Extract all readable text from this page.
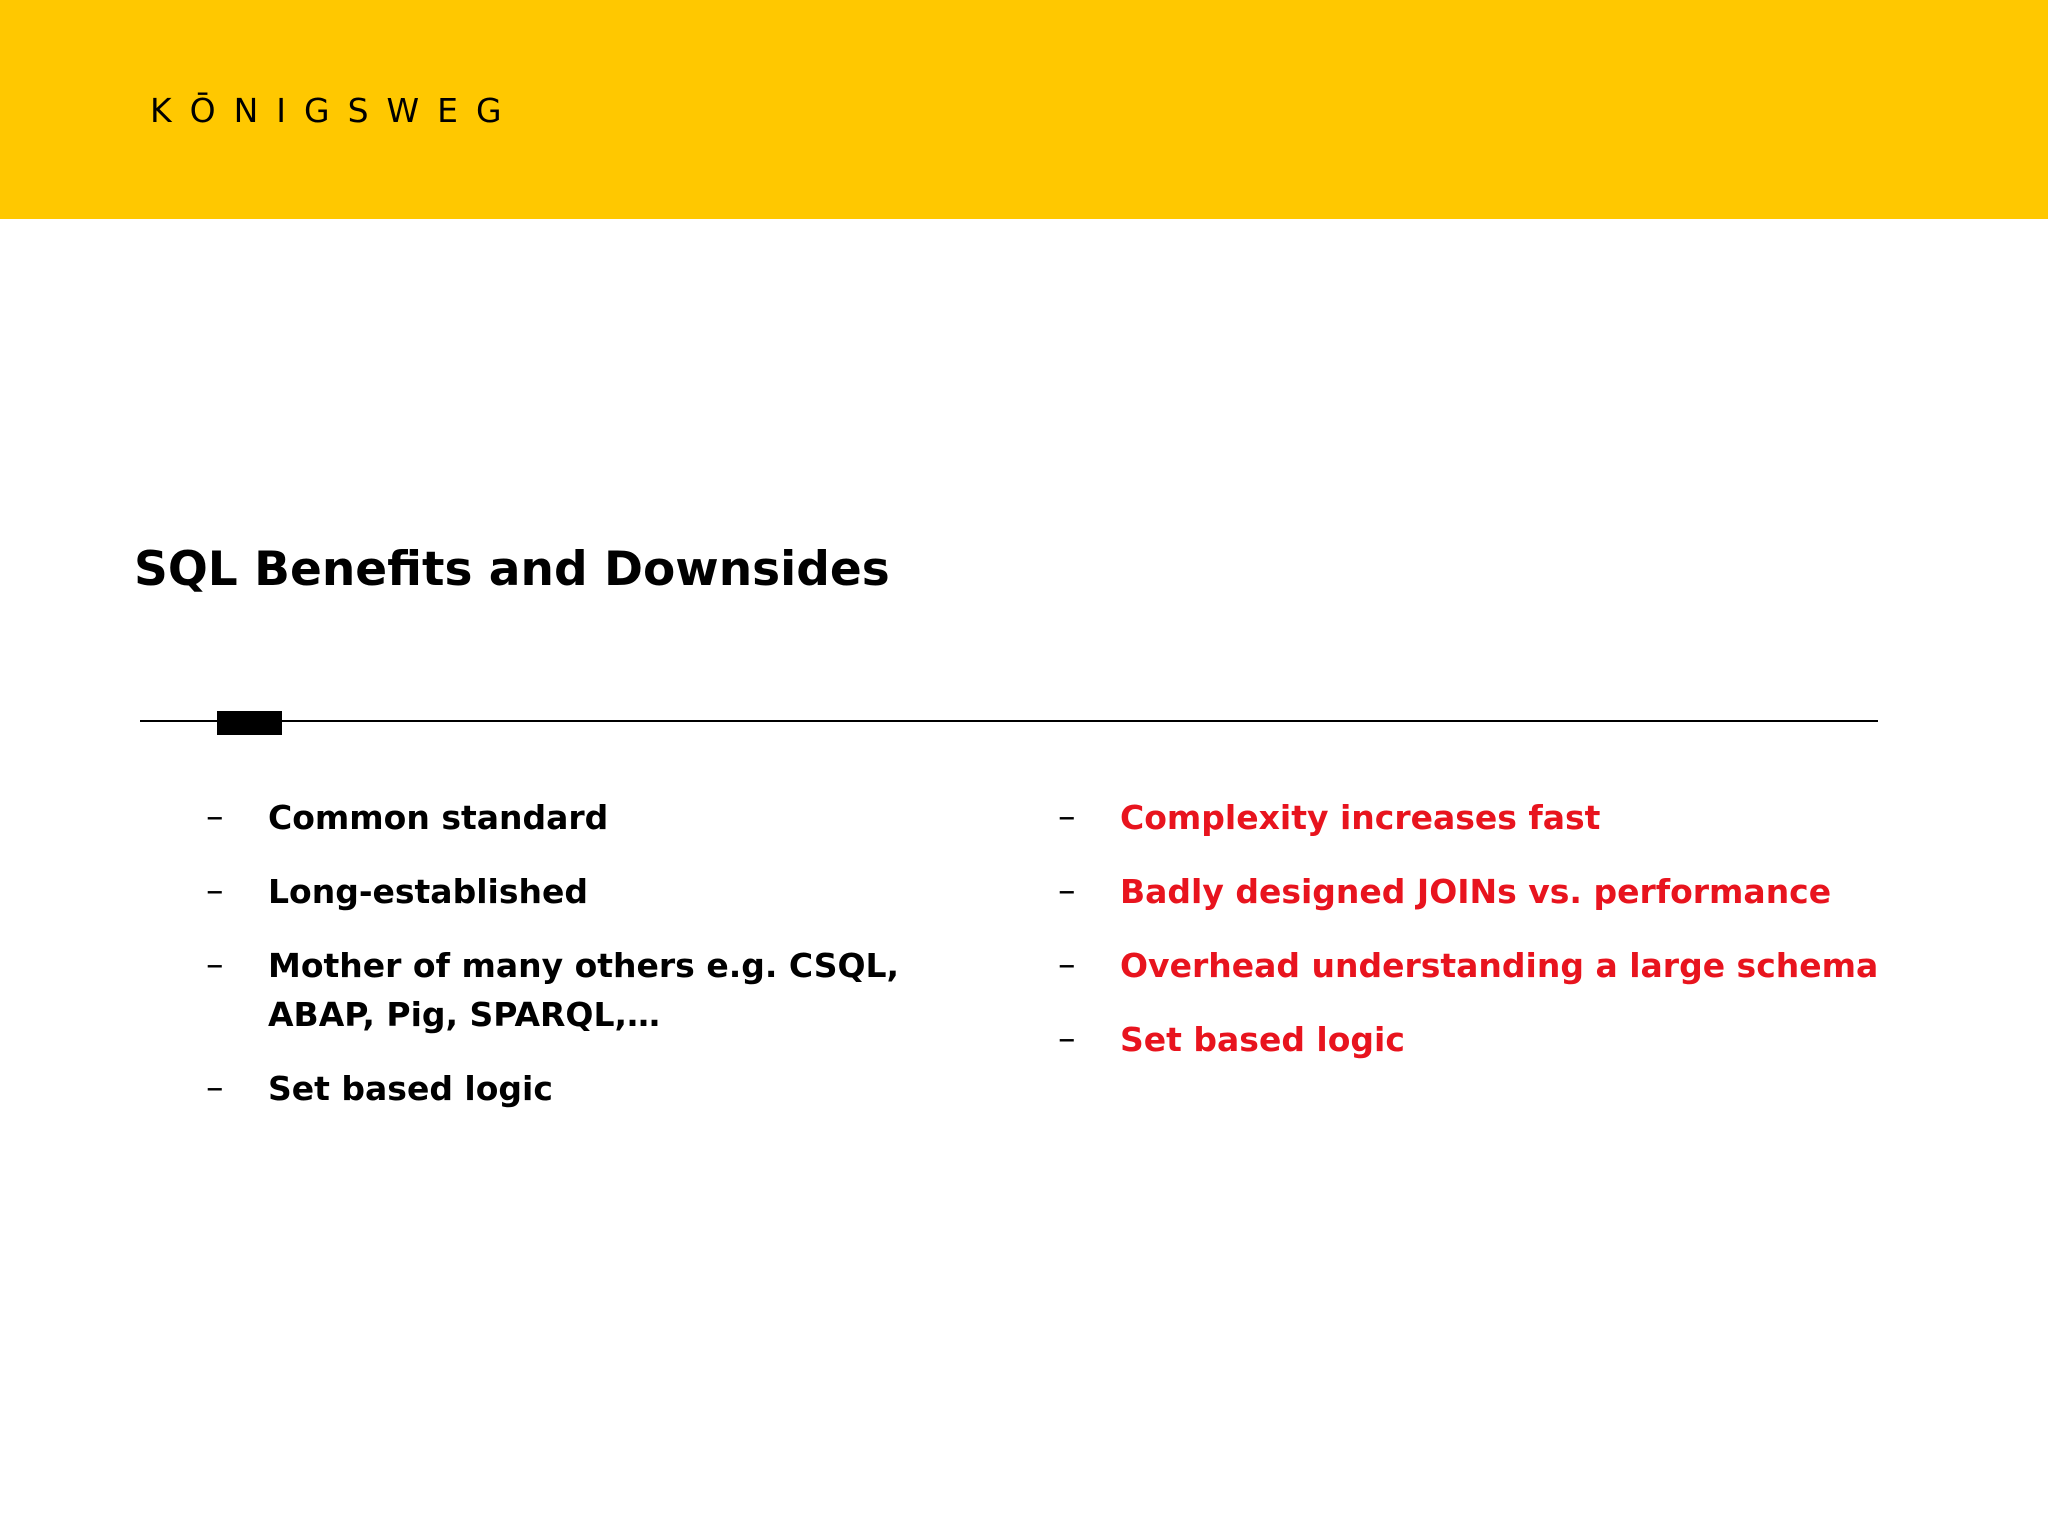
KŌNIGSWEG
SQL Benefits and Downsides
– Common standard
– Long-established
– Mother of many others e.g. CSQL, ABAP, Pig, SPARQL,…
– Set based logic
– Complexity increases fast
– Badly designed JOINs vs. performance
– Overhead understanding a large schema
– Set based logic
